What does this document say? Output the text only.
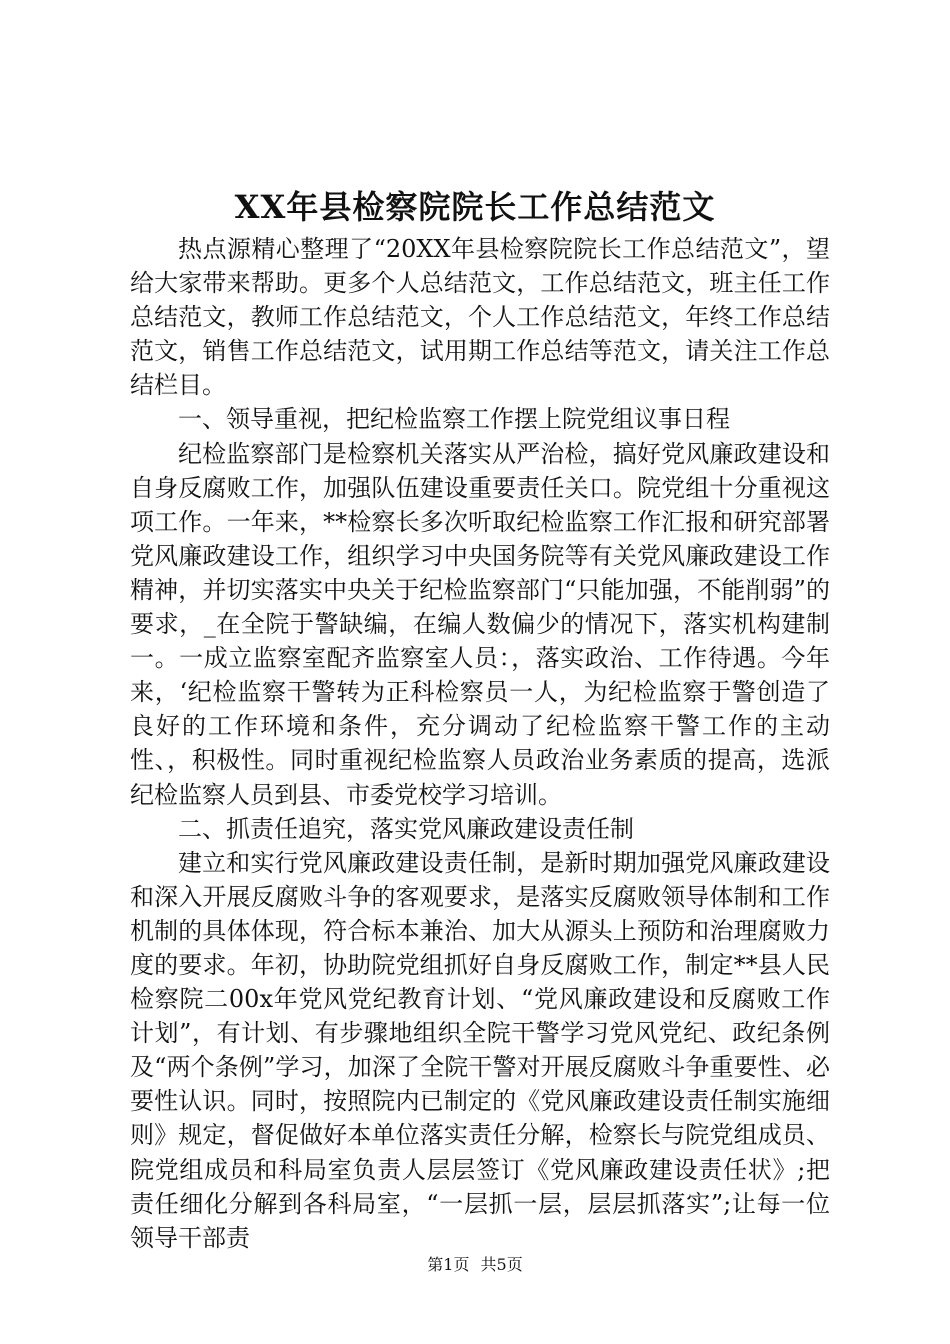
XX年县检察院院长工作总结范文

热点源精心整理了“20XX年县检察院院长工作总结范文”，望给大家带来帮助。更多个人总结范文，工作总结范文，班主任工作总结范文，教师工作总结范文，个人工作总结范文，年终工作总结范文，销售工作总结范文，试用期工作总结等范文，请关注工作总结栏目。

一、领导重视，把纪检监察工作摆上院党组议事日程

纪检监察部门是检察机关落实从严治检，搞好党风廉政建设和自身反腐败工作，加强队伍建设重要责任关口。院党组十分重视这项工作。一年来，**检察长多次听取纪检监察工作汇报和研究部署党风廉政建设工作，组织学习中央国务院等有关党风廉政建设工作精神，并切实落实中央关于纪检监察部门“只能加强，不能削弱”的要求，_在全院于警缺编，在编人数偏少的情况下，落实机构建制一。一成立监察室配齐监察室人员：，落实政治、工作待遇。今年来，‘纪检监察干警转为正科检察员一人，为纪检监察于警创造了良好的工作环境和条件，充分调动了纪检监察干警工作的主动性、，积极性。同时重视纪检监察人员政治业务素质的提高，选派纪检监察人员到县、市委党校学习培训。

二、抓责任追究，落实党风廉政建设责任制

建立和实行党风廉政建设责任制，是新时期加强党风廉政建设和深入开展反腐败斗争的客观要求，是落实反腐败领导体制和工作机制的具体体现，符合标本兼治、加大从源头上预防和治理腐败力度的要求。年初，协助院党组抓好自身反腐败工作，制定**县人民检察院二00x年党风党纪教育计划、“党风廉政建设和反腐败工作计划”，有计划、有步骤地组织全院干警学习党风党纪、政纪条例及“两个条例”学习，加深了全院干警对开展反腐败斗争重要性、必要性认识。同时，按照院内已制定的《党风廉政建设责任制实施细则》规定，督促做好本单位落实责任分解，检察长与院党组成员、院党组成员和科局室负责人层层签订《党风廉政建设责任状》;把责任细化分解到各科局室，“一层抓一层，层层抓落实”;让每一位领导干部责

第1页 共5页
